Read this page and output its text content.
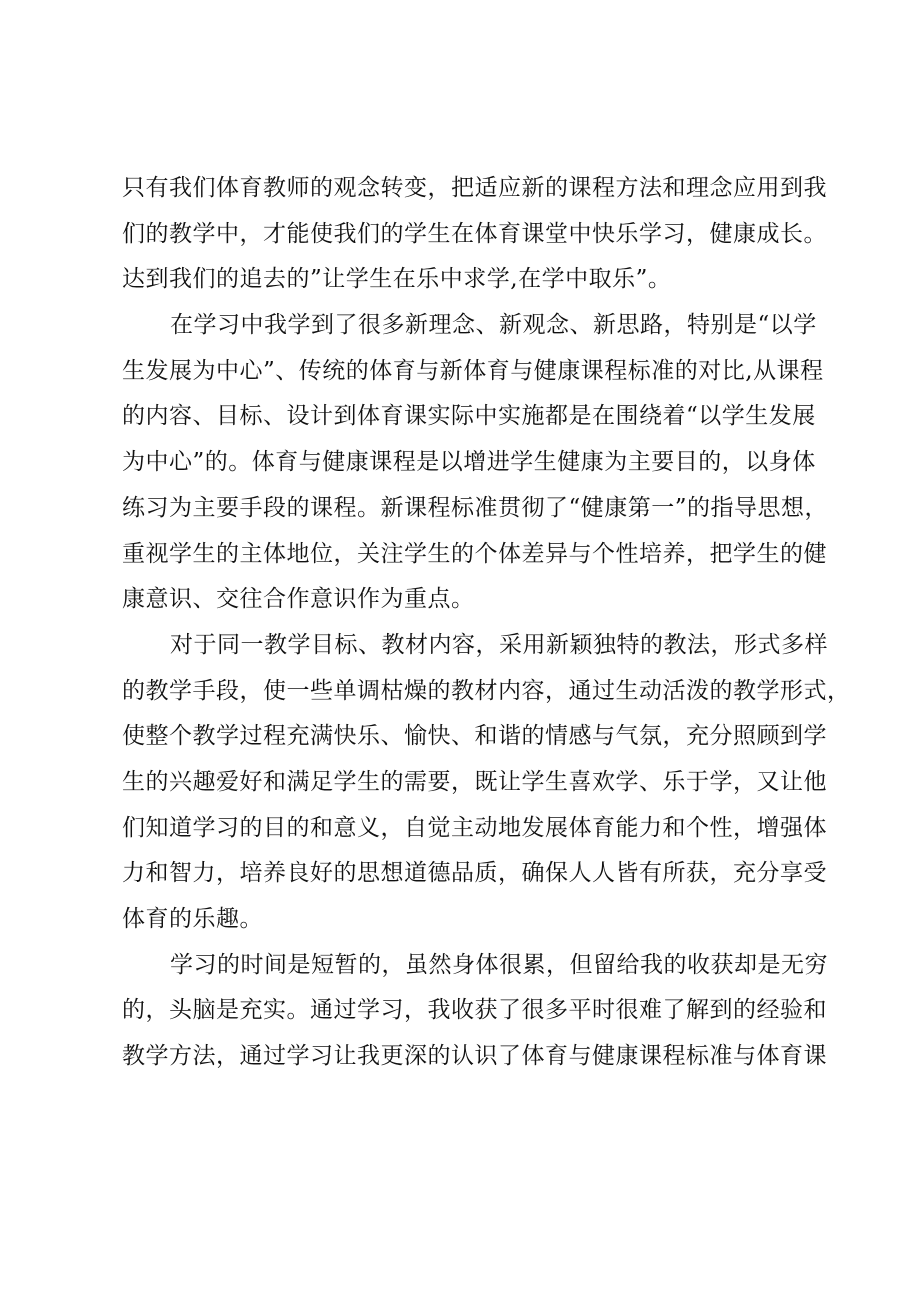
只有我们体育教师的观念转变，把适应新的课程方法和理念应用到我
们的教学中，才能使我们的学生在体育课堂中快乐学习，健康成长。
达到我们的追去的”让学生在乐中求学,在学中取乐”。
在学习中我学到了很多新理念、新观念、新思路，特别是“以学
生发展为中心”、传统的体育与新体育与健康课程标准的对比,从课程
的内容、目标、设计到体育课实际中实施都是在围绕着“以学生发展
为中心”的。体育与健康课程是以增进学生健康为主要目的，以身体
练习为主要手段的课程。新课程标准贯彻了“健康第一”的指导思想，
重视学生的主体地位，关注学生的个体差异与个性培养，把学生的健
康意识、交往合作意识作为重点。
对于同一教学目标、教材内容，采用新颖独特的教法，形式多样
的教学手段，使一些单调枯燥的教材内容，通过生动活泼的教学形式，
使整个教学过程充满快乐、愉快、和谐的情感与气氛，充分照顾到学
生的兴趣爱好和满足学生的需要，既让学生喜欢学、乐于学，又让他
们知道学习的目的和意义，自觉主动地发展体育能力和个性，增强体
力和智力，培养良好的思想道德品质，确保人人皆有所获，充分享受
体育的乐趣。
学习的时间是短暂的，虽然身体很累，但留给我的收获却是无穷
的，头脑是充实。通过学习，我收获了很多平时很难了解到的经验和
教学方法，通过学习让我更深的认识了体育与健康课程标准与体育课
